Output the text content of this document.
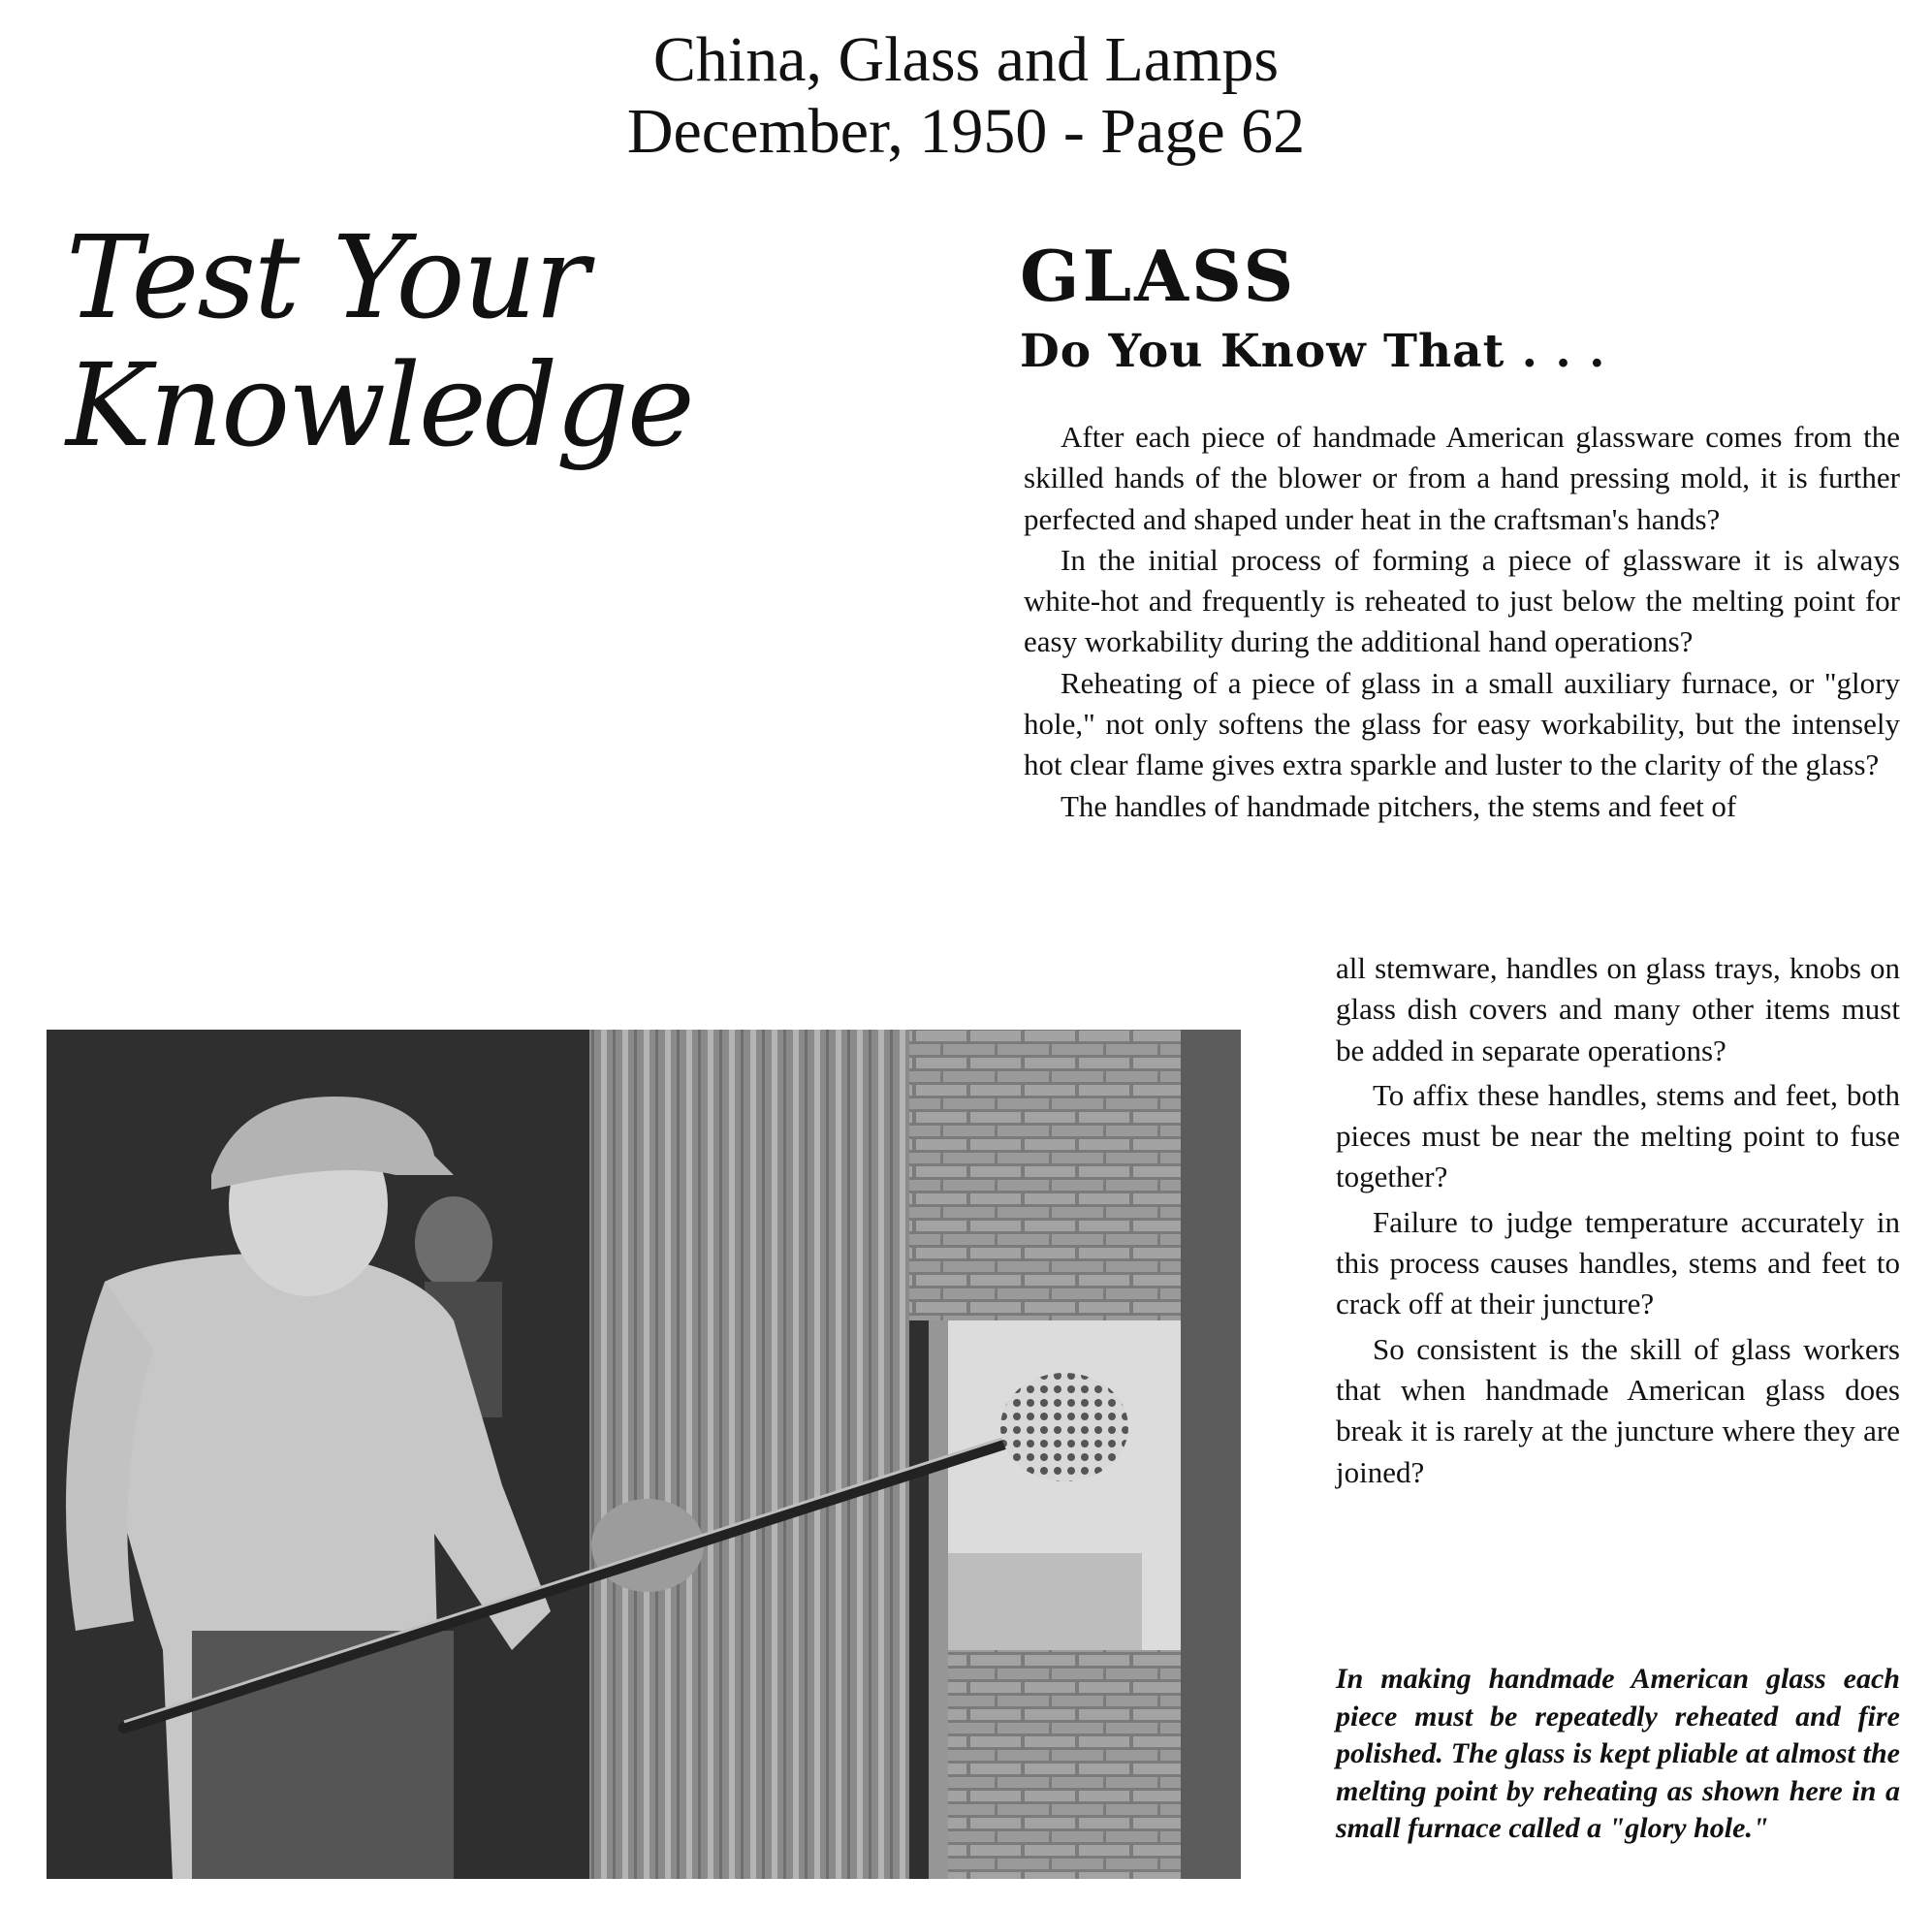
China, Glass and Lamps
December, 1950 - Page 62
Test Your
Knowledge
GLASS
Do You Know That . . .

After each piece of handmade American glassware comes from the skilled hands of the blower or from a hand pressing mold, it is further perfected and shaped under heat in the craftsman's hands?

In the initial process of forming a piece of glassware it is always white-hot and frequently is reheated to just below the melting point for easy workability during the additional hand operations?

Reheating of a piece of glass in a small auxiliary furnace, or "glory hole," not only softens the glass for easy workability, but the intensely hot clear flame gives extra sparkle and luster to the clarity of the glass?

The handles of handmade pitchers, the stems and feet of

all stemware, handles on glass trays, knobs on glass dish covers and many other items must be added in separate operations?

To affix these handles, stems and feet, both pieces must be near the melting point to fuse together?

Failure to judge temperature accurately in this process causes handles, stems and feet to crack off at their juncture?

So consistent is the skill of glass workers that when handmade American glass does break it is rarely at the juncture where they are joined?

In making handmade American glass each piece must be repeatedly reheated and fire polished. The glass is kept pliable at almost the melting point by reheating as shown here in a small furnace called a "glory hole."
